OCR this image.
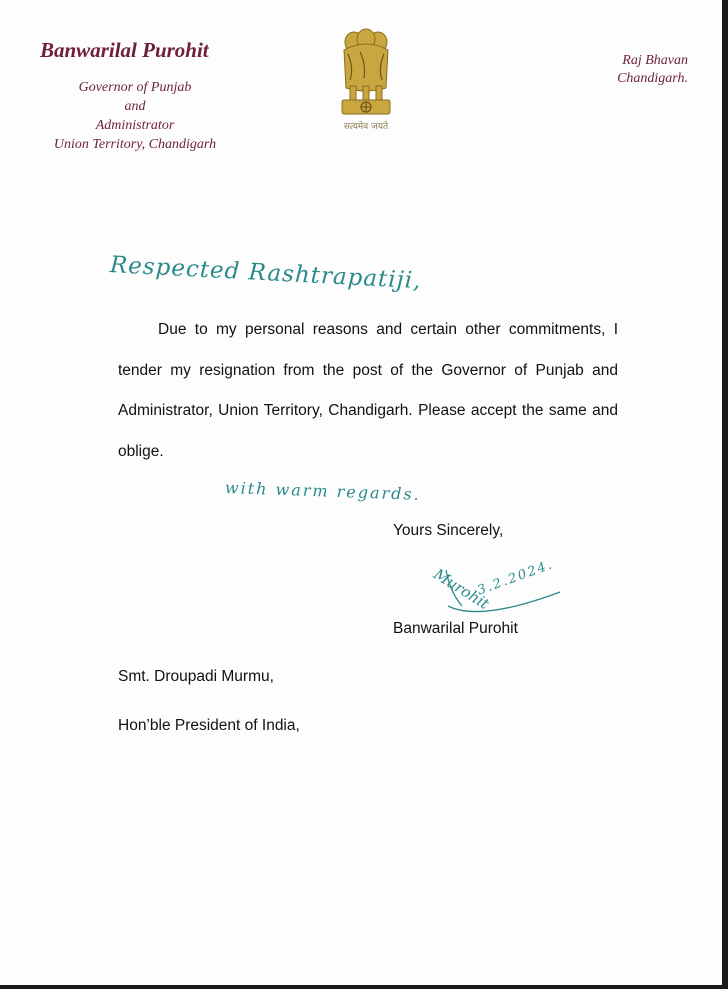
Banwarilal Purohit
Governor of Punjab
and
Administrator
Union Territory, Chandigarh
सत्यमेव जयते
Raj Bhavan
Chandigarh.
Respected Rashtrapatiji,

Due to my personal reasons and certain other commitments, I tender my resignation from the post of the Governor of Punjab and Administrator, Union Territory, Chandigarh. Please accept the same and oblige.

with warm regards.
Yours Sincerely,
Murohit
3.2.2024.
Banwarilal Purohit
Smt. Droupadi Murmu,
Hon’ble President of India,
